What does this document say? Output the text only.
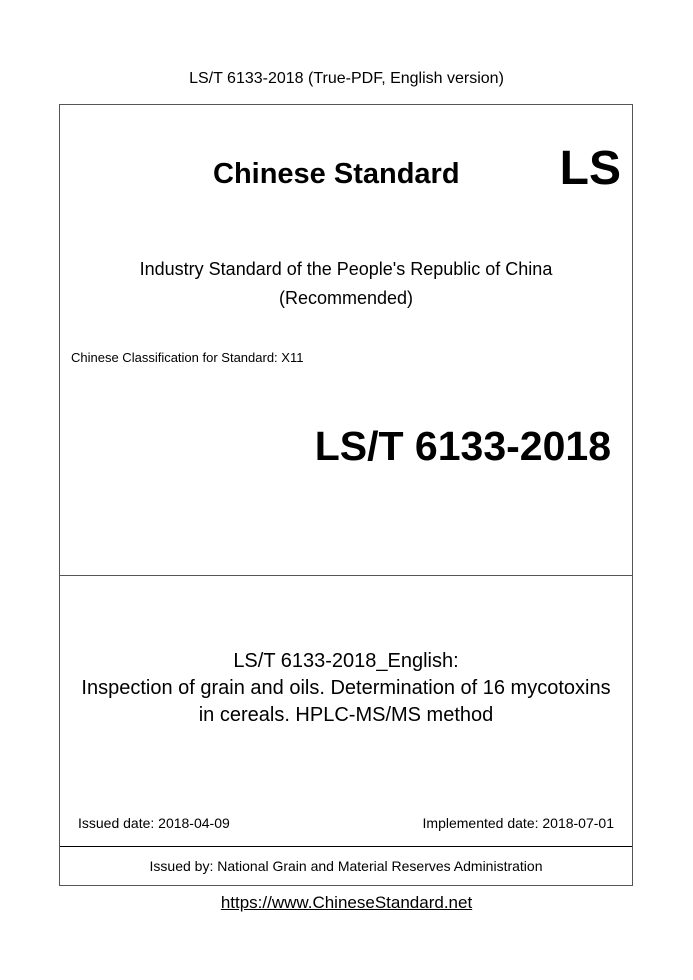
LS/T 6133-2018 (True-PDF, English version)
Chinese Standard LS
Industry Standard of the People's Republic of China
(Recommended)
Chinese Classification for Standard: X11
LS/T 6133-2018
LS/T 6133-2018_English:
Inspection of grain and oils. Determination of 16 mycotoxins
in cereals. HPLC-MS/MS method
Issued date: 2018-04-09	Implemented date: 2018-07-01
Issued by: National Grain and Material Reserves Administration
https://www.ChineseStandard.net
